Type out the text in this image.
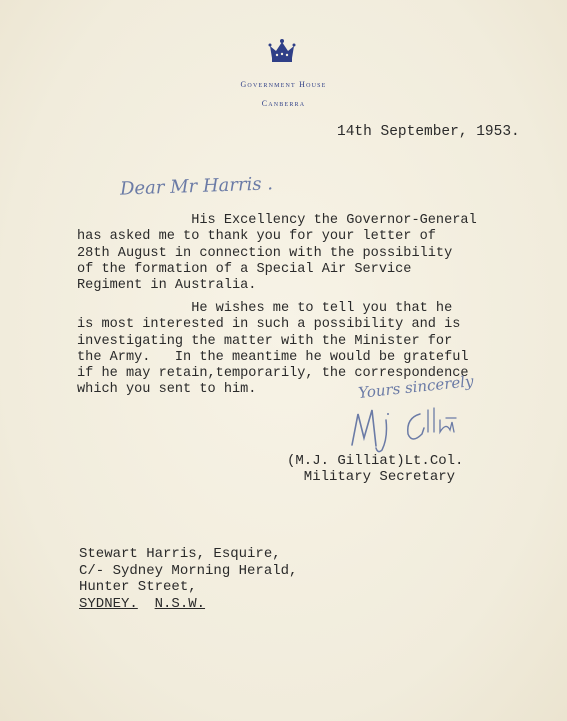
Government House
Canberra
14th September, 1953.
Dear Mr Harris .
His Excellency the Governor-General
has asked me to thank you for your letter of
28th August in connection with the possibility
of the formation of a Special Air Service
Regiment in Australia.
He wishes me to tell you that he
is most interested in such a possibility and is
investigating the matter with the Minister for
the Army.   In the meantime he would be grateful
if he may retain,temporarily, the correspondence
which you sent to him.	Yours sincerely
(M.J. Gilliat)Lt.Col.
Military Secretary
Stewart Harris, Esquire,
C/- Sydney Morning Herald,
Hunter Street,
SYDNEY. N.S.W.
